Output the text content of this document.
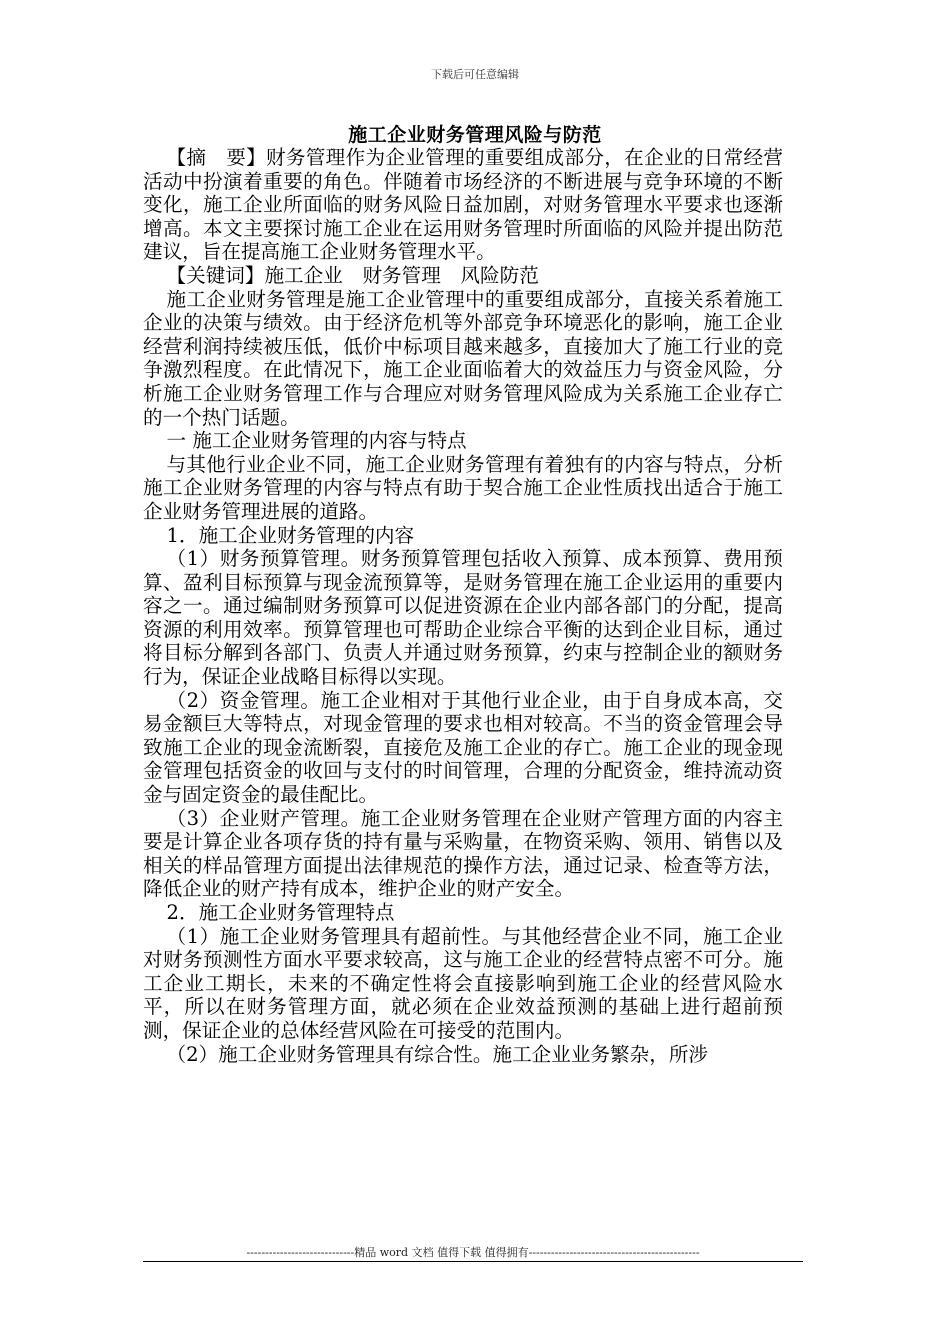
下载后可任意编辑
施工企业财务管理风险与防范

【摘　要】财务管理作为企业管理的重要组成部分，在企业的日常经营活动中扮演着重要的角色。伴随着市场经济的不断进展与竞争环境的不断变化，施工企业所面临的财务风险日益加剧，对财务管理水平要求也逐渐增高。本文主要探讨施工企业在运用财务管理时所面临的风险并提出防范建议，旨在提高施工企业财务管理水平。

【关键词】施工企业　财务管理　风险防范

施工企业财务管理是施工企业管理中的重要组成部分，直接关系着施工企业的决策与绩效。由于经济危机等外部竞争环境恶化的影响，施工企业经营利润持续被压低，低价中标项目越来越多，直接加大了施工行业的竞争激烈程度。在此情况下，施工企业面临着大的效益压力与资金风险，分析施工企业财务管理工作与合理应对财务管理风险成为关系施工企业存亡的一个热门话题。

一 施工企业财务管理的内容与特点

与其他行业企业不同，施工企业财务管理有着独有的内容与特点，分析施工企业财务管理的内容与特点有助于契合施工企业性质找出适合于施工企业财务管理进展的道路。

1．施工企业财务管理的内容

（1）财务预算管理。财务预算管理包括收入预算、成本预算、费用预算、盈利目标预算与现金流预算等，是财务管理在施工企业运用的重要内容之一。通过编制财务预算可以促进资源在企业内部各部门的分配，提高资源的利用效率。预算管理也可帮助企业综合平衡的达到企业目标，通过将目标分解到各部门、负责人并通过财务预算，约束与控制企业的额财务行为，保证企业战略目标得以实现。

（2）资金管理。施工企业相对于其他行业企业，由于自身成本高，交易金额巨大等特点，对现金管理的要求也相对较高。不当的资金管理会导致施工企业的现金流断裂，直接危及施工企业的存亡。施工企业的现金现金管理包括资金的收回与支付的时间管理，合理的分配资金，维持流动资金与固定资金的最佳配比。

（3）企业财产管理。施工企业财务管理在企业财产管理方面的内容主要是计算企业各项存货的持有量与采购量，在物资采购、领用、销售以及相关的样品管理方面提出法律规范的操作方法，通过记录、检查等方法，降低企业的财产持有成本，维护企业的财产安全。

2．施工企业财务管理特点

（1）施工企业财务管理具有超前性。与其他经营企业不同，施工企业对财务预测性方面水平要求较高，这与施工企业的经营特点密不可分。施工企业工期长，未来的不确定性将会直接影响到施工企业的经营风险水平，所以在财务管理方面，就必须在企业效益预测的基础上进行超前预测，保证企业的总体经营风险在可接受的范围内。

（2）施工企业财务管理具有综合性。施工企业业务繁杂，所涉

-----------------------------精品 word 文档 值得下载 值得拥有----------------------------------------------
